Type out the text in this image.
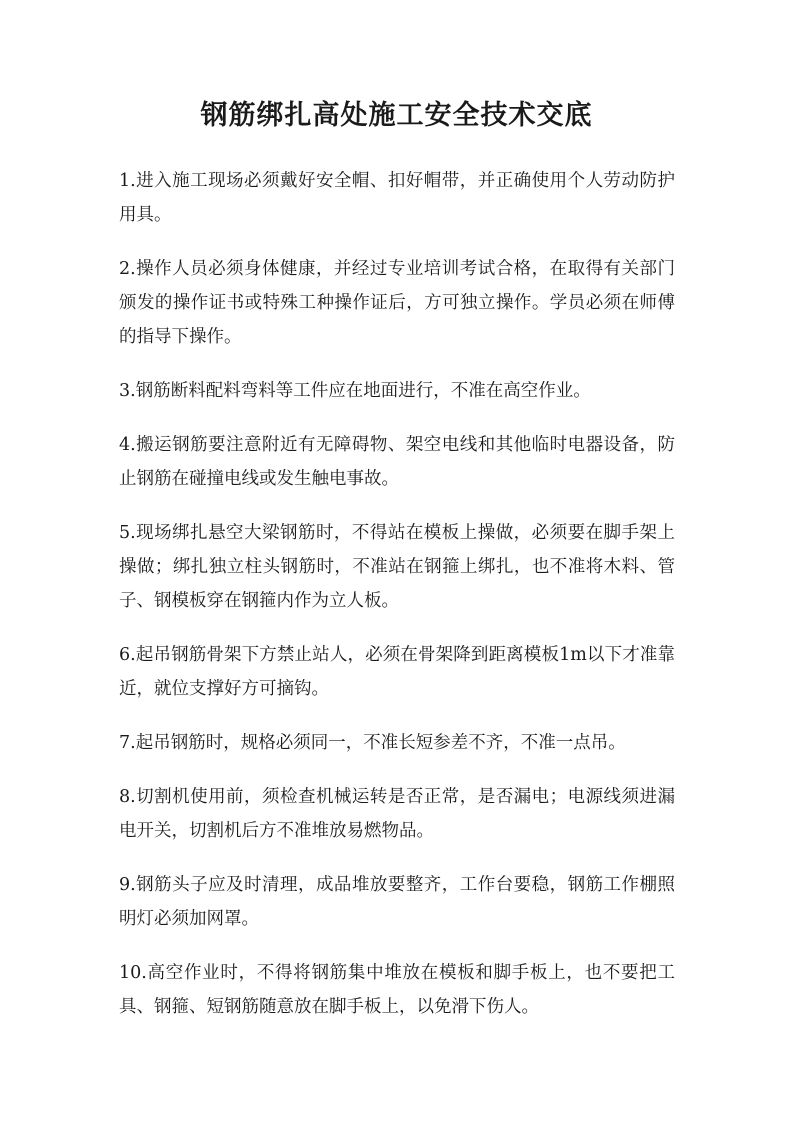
钢筋绑扎高处施工安全技术交底
1.进入施工现场必须戴好安全帽、扣好帽带，并正确使用个人劳动防护用具。
2.操作人员必须身体健康，并经过专业培训考试合格，在取得有关部门颁发的操作证书或特殊工种操作证后，方可独立操作。学员必须在师傅的指导下操作。
3.钢筋断料配料弯料等工件应在地面进行，不准在高空作业。
4.搬运钢筋要注意附近有无障碍物、架空电线和其他临时电器设备，防止钢筋在碰撞电线或发生触电事故。
5.现场绑扎悬空大梁钢筋时，不得站在模板上操做，必须要在脚手架上操做；绑扎独立柱头钢筋时，不准站在钢箍上绑扎，也不准将木料、管子、钢模板穿在钢箍内作为立人板。
6.起吊钢筋骨架下方禁止站人，必须在骨架降到距离模板1m以下才准靠近，就位支撑好方可摘钩。
7.起吊钢筋时，规格必须同一，不准长短参差不齐，不准一点吊。
8.切割机使用前，须检查机械运转是否正常，是否漏电；电源线须进漏电开关，切割机后方不准堆放易燃物品。
9.钢筋头子应及时清理，成品堆放要整齐，工作台要稳，钢筋工作棚照明灯必须加网罩。
10.高空作业时，不得将钢筋集中堆放在模板和脚手板上，也不要把工具、钢箍、短钢筋随意放在脚手板上，以免滑下伤人。
